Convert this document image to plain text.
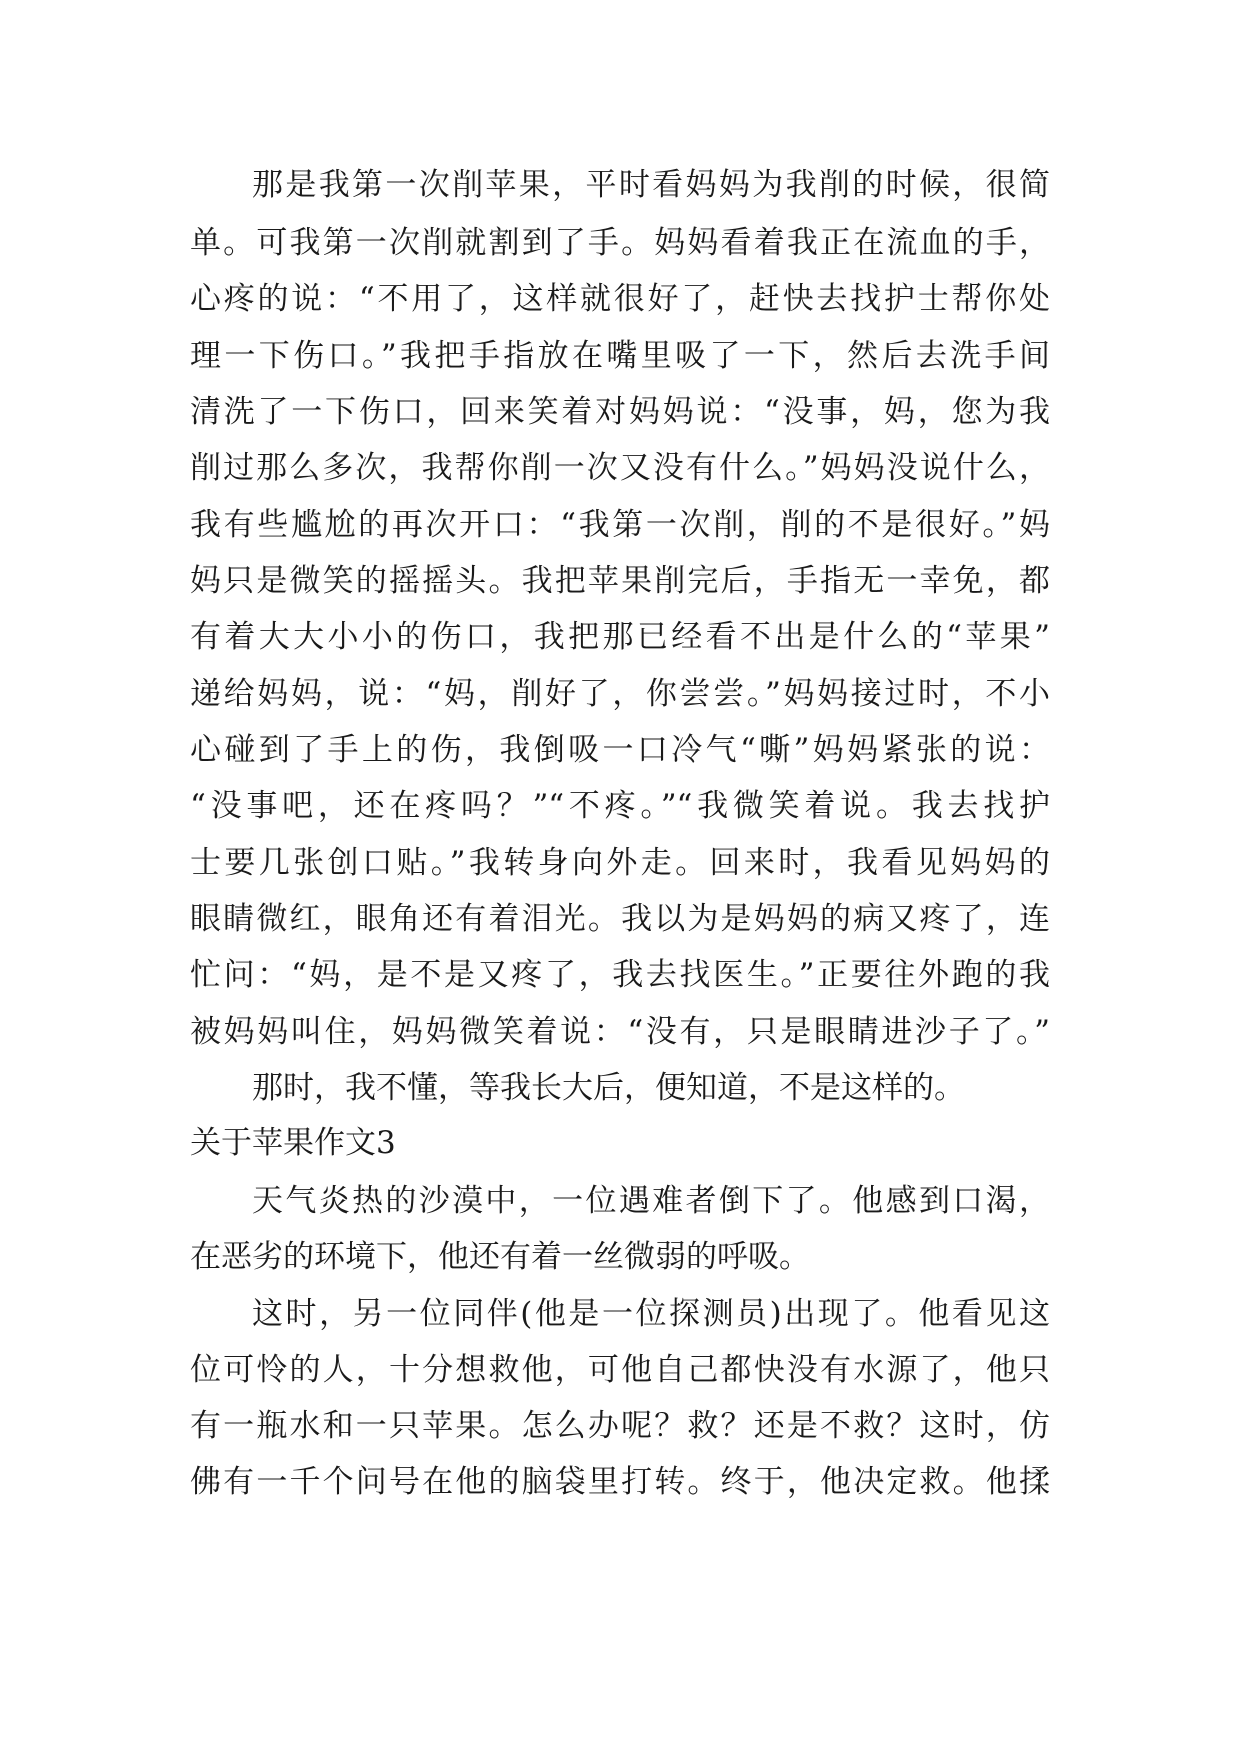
那是我第一次削苹果，平时看妈妈为我削的时候，很简
单。可我第一次削就割到了手。妈妈看着我正在流血的手，
心疼的说：“不用了，这样就很好了，赶快去找护士帮你处
理一下伤口。”我把手指放在嘴里吸了一下，然后去洗手间
清洗了一下伤口，回来笑着对妈妈说：“没事，妈，您为我
削过那么多次，我帮你削一次又没有什么。”妈妈没说什么，
我有些尴尬的再次开口：“我第一次削，削的不是很好。”妈
妈只是微笑的摇摇头。我把苹果削完后，手指无一幸免，都
有着大大小小的伤口，我把那已经看不出是什么的“苹果”
递给妈妈，说：“妈，削好了，你尝尝。”妈妈接过时，不小
心碰到了手上的伤，我倒吸一口冷气“嘶”妈妈紧张的说：
“没事吧，还在疼吗？”“不疼。”“我微笑着说。我去找护
士要几张创口贴。”我转身向外走。回来时，我看见妈妈的
眼睛微红，眼角还有着泪光。我以为是妈妈的病又疼了，连
忙问：“妈，是不是又疼了，我去找医生。”正要往外跑的我
被妈妈叫住，妈妈微笑着说：“没有，只是眼睛进沙子了。”
那时，我不懂，等我长大后，便知道，不是这样的。
关于苹果作文3
天气炎热的沙漠中，一位遇难者倒下了。他感到口渴，
在恶劣的环境下，他还有着一丝微弱的呼吸。
这时，另一位同伴(他是一位探测员)出现了。他看见这
位可怜的人，十分想救他，可他自己都快没有水源了，他只
有一瓶水和一只苹果。怎么办呢？救？还是不救？这时，仿
佛有一千个问号在他的脑袋里打转。终于，他决定救。他揉
